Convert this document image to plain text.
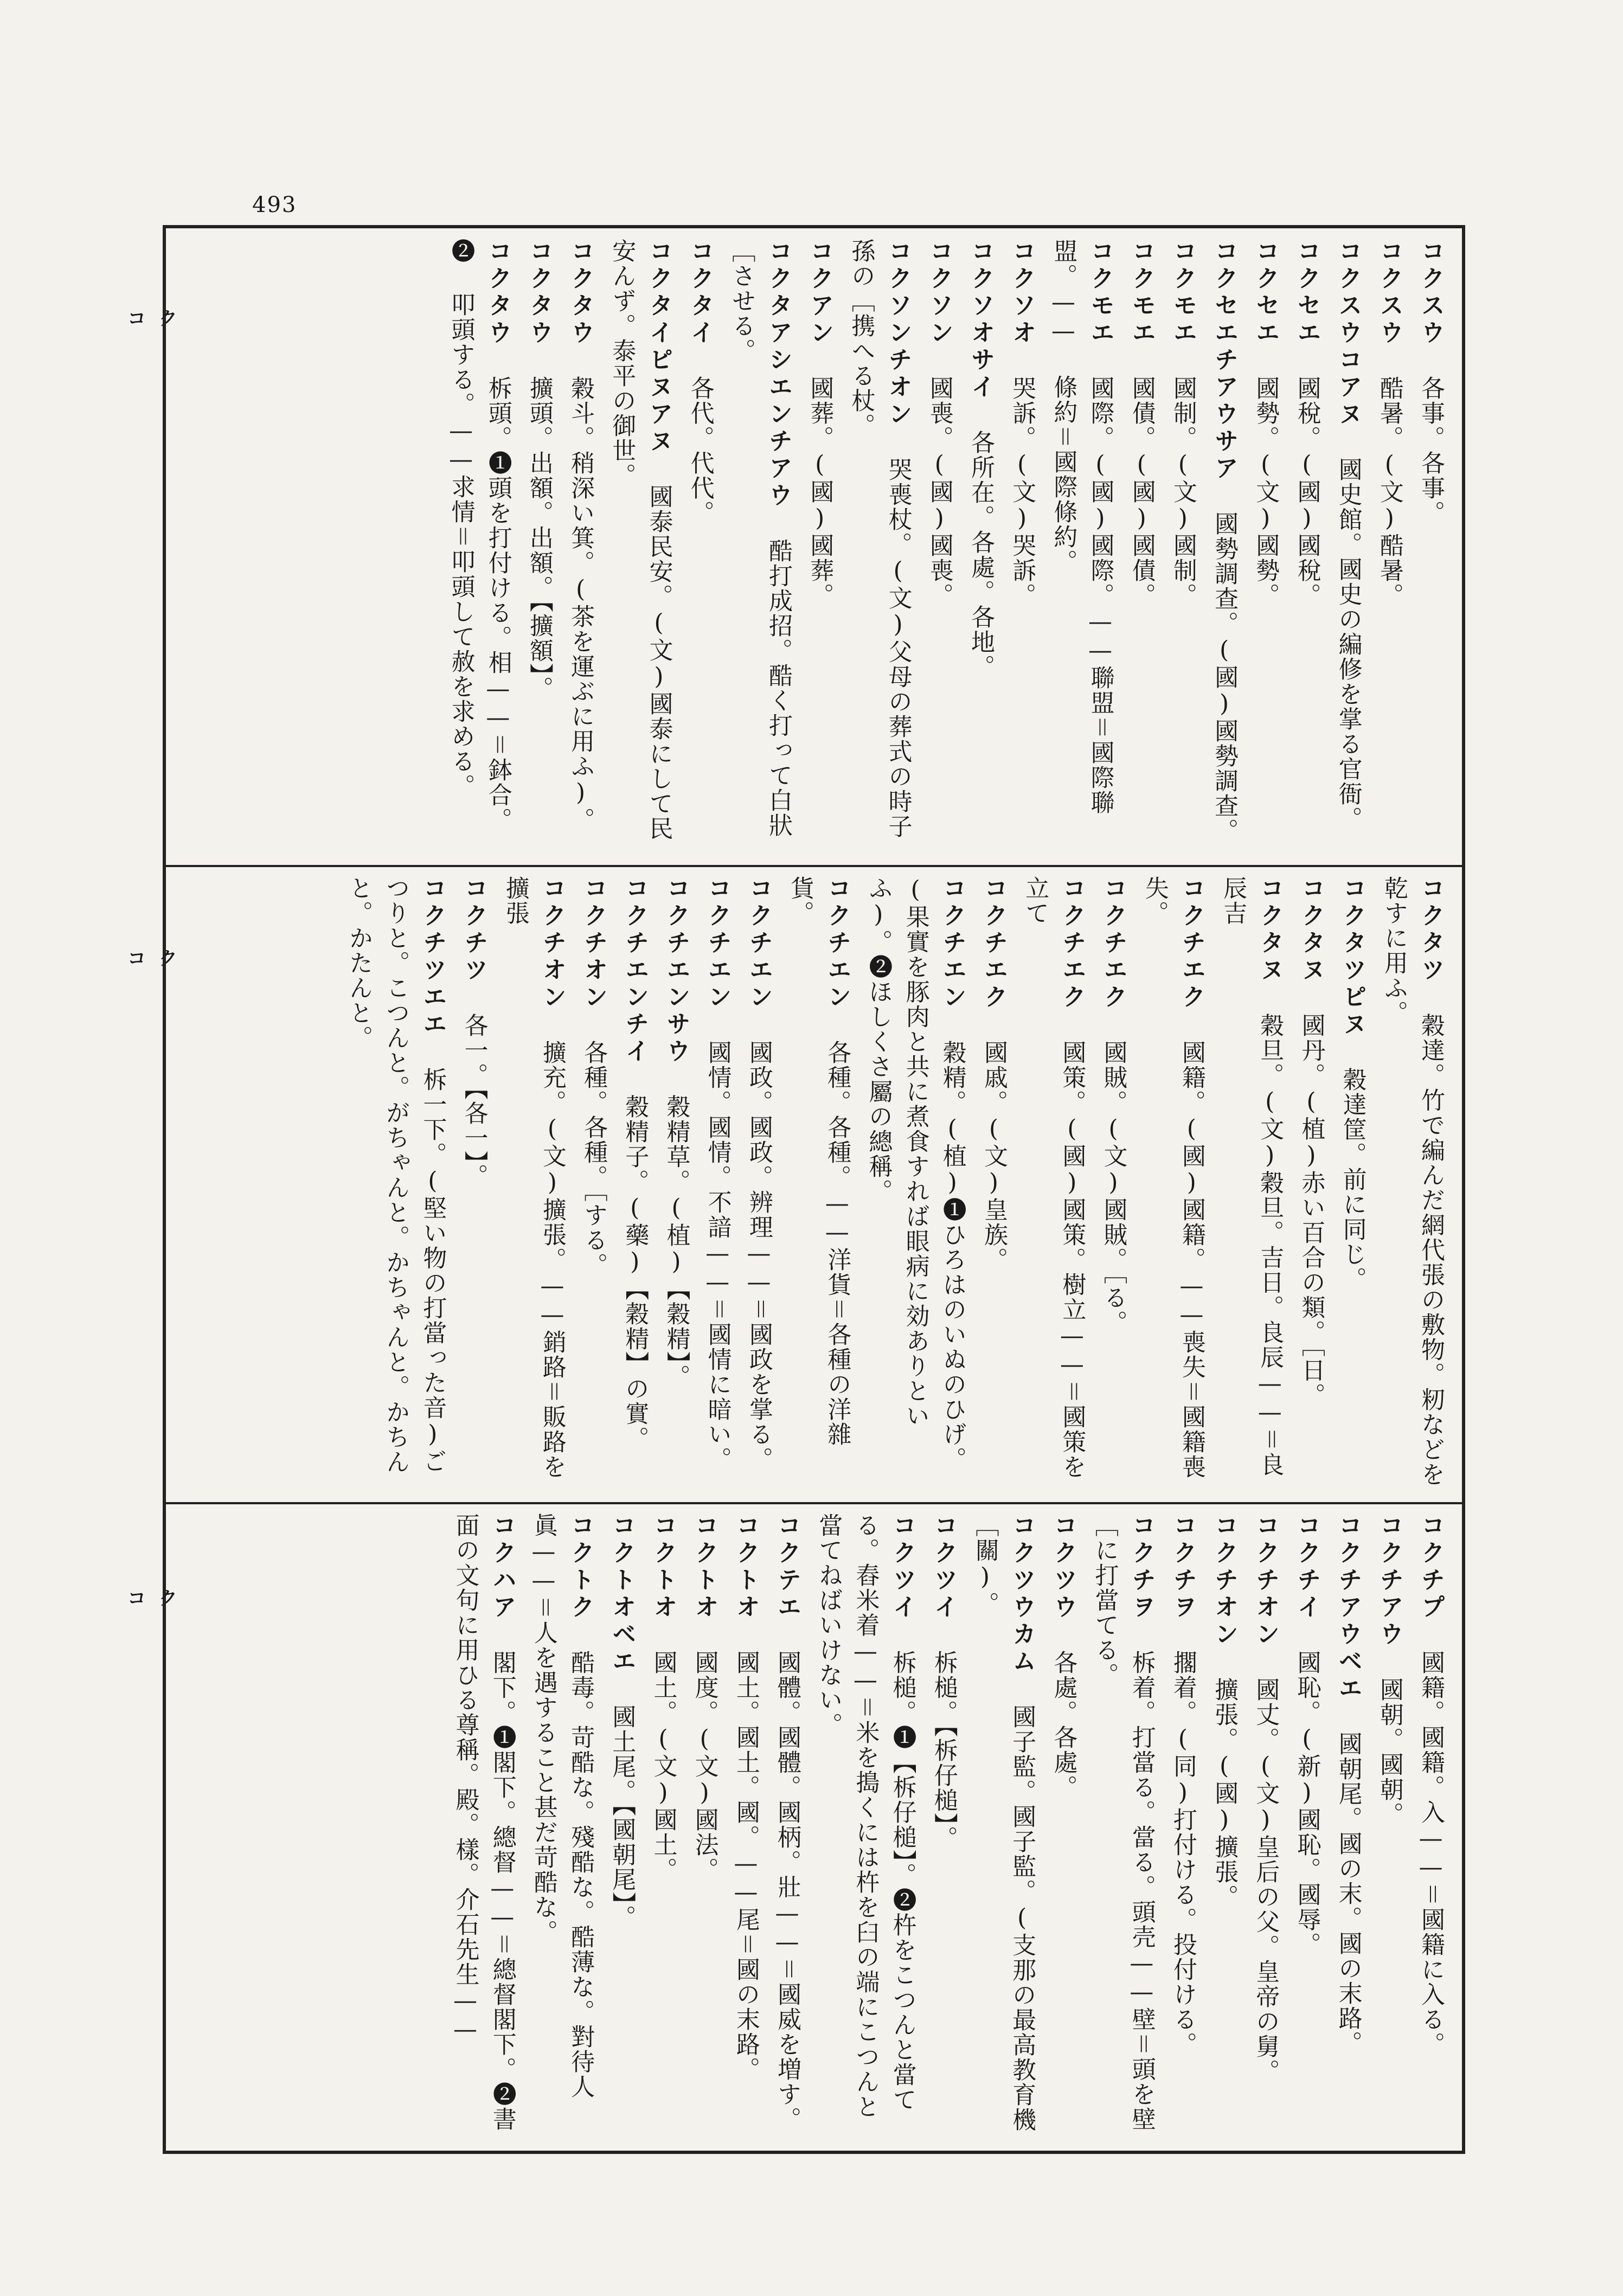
493
コ ク
コ ク
コ ク
コクスウ 各事。各事。
コクスウ 酷暑。(文)酷暑。
コクスウコアヌ 國史館。國史の編修を掌る官衙。
コクセエ 國稅。(國)國稅。
コクセエ 國勢。(文)國勢。
コクセエチアウサア 國勢調查。(國)國勢調查。
コクモエ 國制。(文)國制。
コクモエ 國債。(國)國債。
コクモエ 國際。(國)國際。——聯盟＝國際聯盟。—— 條約＝國際條約。
コクソオ 哭訴。(文)哭訴。
コクソオサイ 各所在。各處。各地。
コクソン 國喪。(國)國喪。
コクソンチオン 哭喪杖。(文)父母の葬式の時子孫の［携へる杖。
コクアン 國葬。(國)國葬。
コクタアシエンチアウ 酷打成招。酷く打って白狀［させる。
コクタイ 各代。代代。
コクタイピヌアヌ 國泰民安。(文)國泰にして民安んず。泰平の御世。
コクタウ 穀斗。稍深い箕。(茶を運ぶに用ふ)。
コクタウ 擴頭。出額。出額。【擴額】。
コクタウ 柝頭。❶頭を打付ける。相——＝鉢合。❷ 叩頭する。——求情＝叩頭して赦を求める。
コクタツ 穀達。竹で編んだ網代張の敷物。籾などを乾すに用ふ。
コクタツピヌ 穀達筐。前に同じ。
コクタヌ 國丹。(植)赤い百合の類。［日。
コクタヌ 穀旦。(文)穀旦。吉日。良辰——＝良辰吉
コクチエク 國籍。(國)國籍。——喪失＝國籍喪失。
コクチエク 國賊。(文)國賊。［る。
コクチエク 國策。(國)國策。樹立——＝國策を立て
コクチエク 國戚。(文)皇族。
コクチエン 穀精。(植)❶ひろはのいぬのひげ。(果實を豚肉と共に煮食すれば眼病に効ありといふ)。❷ほしくさ屬の總稱。
コクチエン 各種。各種。——洋貨＝各種の洋雜貨。
コクチエン 國政。國政。辨理——＝國政を掌る。
コクチエン 國情。國情。不諳——＝國情に暗い。
コクチエンサウ 穀精草。(植)【穀精】。
コクチエンチイ 穀精子。(藥)【穀精】の實。
コクチオン 各種。各種。［する。
コクチオン 擴充。(文)擴張。——銷路＝販路を擴張
コクチツ 各一。【各一】。
コクチツエエ 柝一下。(堅い物の打當った音)ごつりと。こつんと。がちゃんと。かちゃんと。かちんと。かたんと。
コクチプ 國籍。國籍。入——＝國籍に入る。
コクチアウ 國朝。國朝。
コクチアウベエ 國朝尾。國の末。國の末路。
コクチイ 國恥。(新)國恥。國辱。
コクチオン 國丈。(文)皇后の父。皇帝の舅。
コクチオン 擴張。(國)擴張。
コクチヲ 擱着。(同)打付ける。投付ける。
コクチヲ 柝着。打當る。當る。頭壳——壁＝頭を壁［に打當てる。
コクツウ 各處。各處。
コクツウカム 國子監。國子監。(支那の最高教育機［關)。
コクツイ 柝槌。【柝仔槌】。
コクツイ 柝槌。❶【柝仔槌】。❷杵をこつんと當てる。舂米着——＝米を搗くには杵を臼の端にこつんと當てねばいけない。
コクテエ 國體。國體。國柄。壯——＝國威を増す。
コクトオ 國土。國土。國。——尾＝國の末路。
コクトオ 國度。(文)國法。
コクトオ 國土。(文)國土。
コクトオベエ 國土尾。【國朝尾】。
コクトク 酷毒。苛酷な。殘酷な。酷薄な。對待人 眞——＝人を遇すること甚だ苛酷な。
コクハア 閣下。❶閣下。總督——＝總督閣下。❷書 面の文句に用ひる尊稱。殿。樣。介石先生——
